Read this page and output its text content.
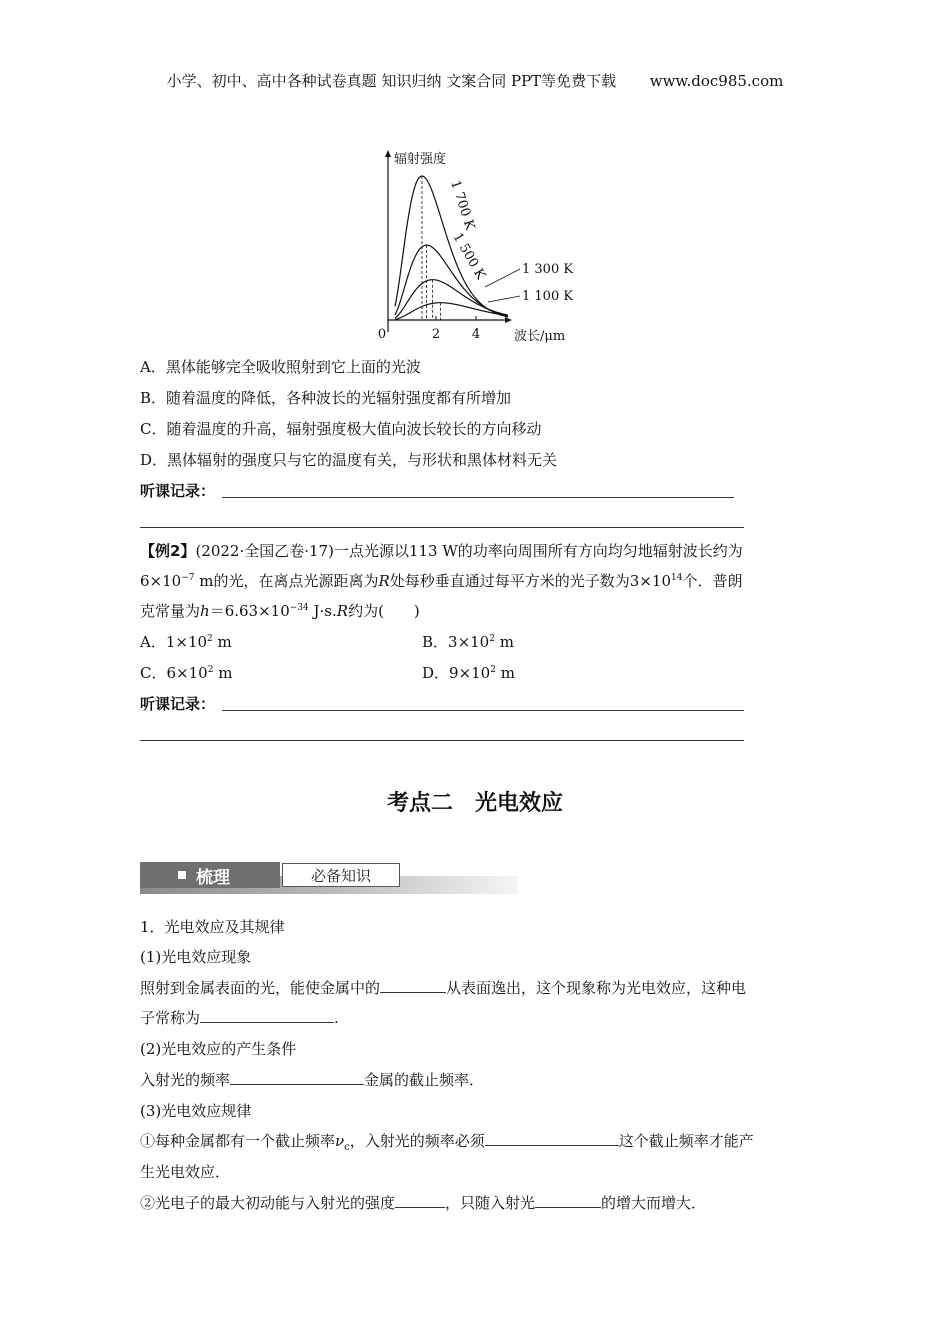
小学、初中、高中各种试卷真题 知识归纳 文案合同 PPT等免费下载 www.doc985.com
辐射强度
波长/μm
0	2 4
1 700 K
1 500 K	1 300 K
1 100 K
A．黑体能够完全吸收照射到它上面的光波
B．随着温度的降低，各种波长的光辐射强度都有所增加
C．随着温度的升高，辐射强度极大值向波长较长的方向移动
D．黑体辐射的强度只与它的温度有关，与形状和黑体材料无关
听课记录：
【例2】(2022·全国乙卷·17)一点光源以113 W的功率向周围所有方向均匀地辐射波长约为
$6\times 10^{-7}$ m的光，在离点光源距离为R处每秒垂直通过每平方米的光子数为$3\times 10^{14}$个．普朗
克常量为$h=6.63\times 10^{-34}$ J·s.R约为(　　)
A．$1\times 10^2$ m	B．$3\times 10^2$ m
C．$6\times 10^2$ m	D．$9\times 10^2$ m
听课记录：
考点二　光电效应
梳理	必备知识
1．光电效应及其规律
(1)光电效应现象
照射到金属表面的光，能使金属中的	从表面逸出，这个现象称为光电效应，这种电
子常称为	.
(2)光电效应的产生条件
入射光的频率	金属的截止频率．
(3)光电效应规律
①每种金属都有一个截止频率$\nu_c$，入射光的频率必须	这个截止频率才能产
生光电效应．
②光电子的最大初动能与入射光的强度	，只随入射光	的增大而增大．
